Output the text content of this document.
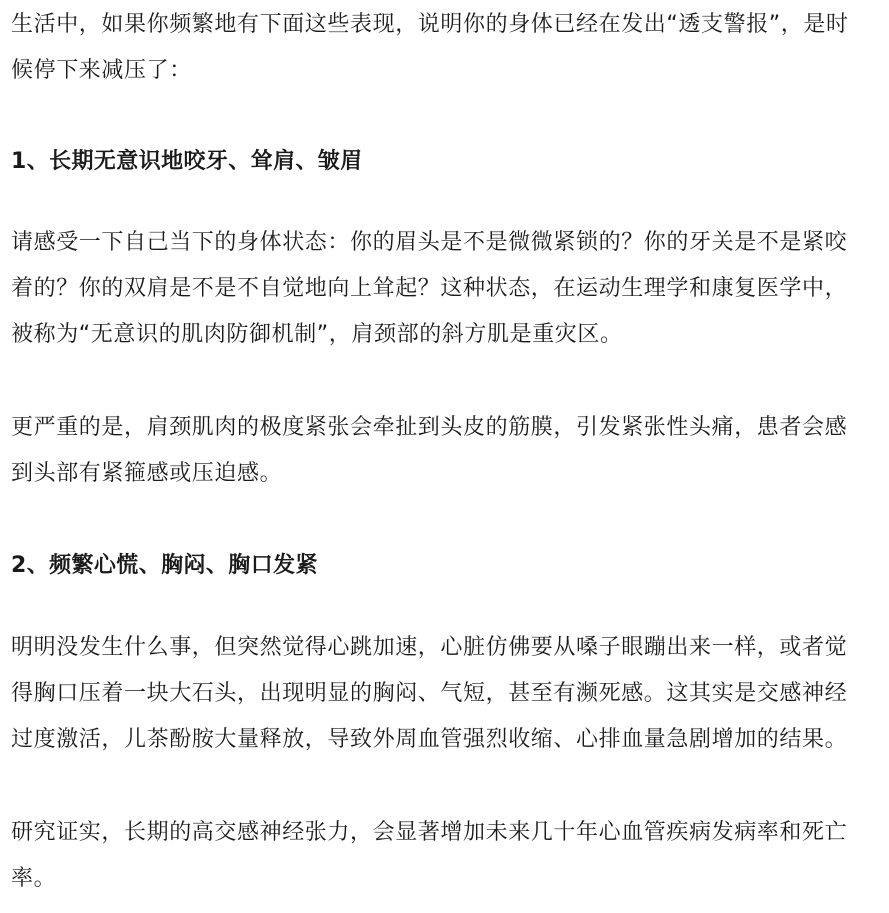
生活中，如果你频繁地有下面这些表现，说明你的身体已经在发出“透支警报”，是时
候停下来减压了：

1、长期无意识地咬牙、耸肩、皱眉

请感受一下自己当下的身体状态：你的眉头是不是微微紧锁的？你的牙关是不是紧咬
着的？你的双肩是不是不自觉地向上耸起？这种状态，在运动生理学和康复医学中，
被称为“无意识的肌肉防御机制”，肩颈部的斜方肌是重灾区。

更严重的是，肩颈肌肉的极度紧张会牵扯到头皮的筋膜，引发紧张性头痛，患者会感
到头部有紧箍感或压迫感。

2、频繁心慌、胸闷、胸口发紧

明明没发生什么事，但突然觉得心跳加速，心脏仿佛要从嗓子眼蹦出来一样，或者觉
得胸口压着一块大石头，出现明显的胸闷、气短，甚至有濒死感。这其实是交感神经
过度激活，儿茶酚胺大量释放，导致外周血管强烈收缩、心排血量急剧增加的结果。

研究证实，长期的高交感神经张力，会显著增加未来几十年心血管疾病发病率和死亡
率。
